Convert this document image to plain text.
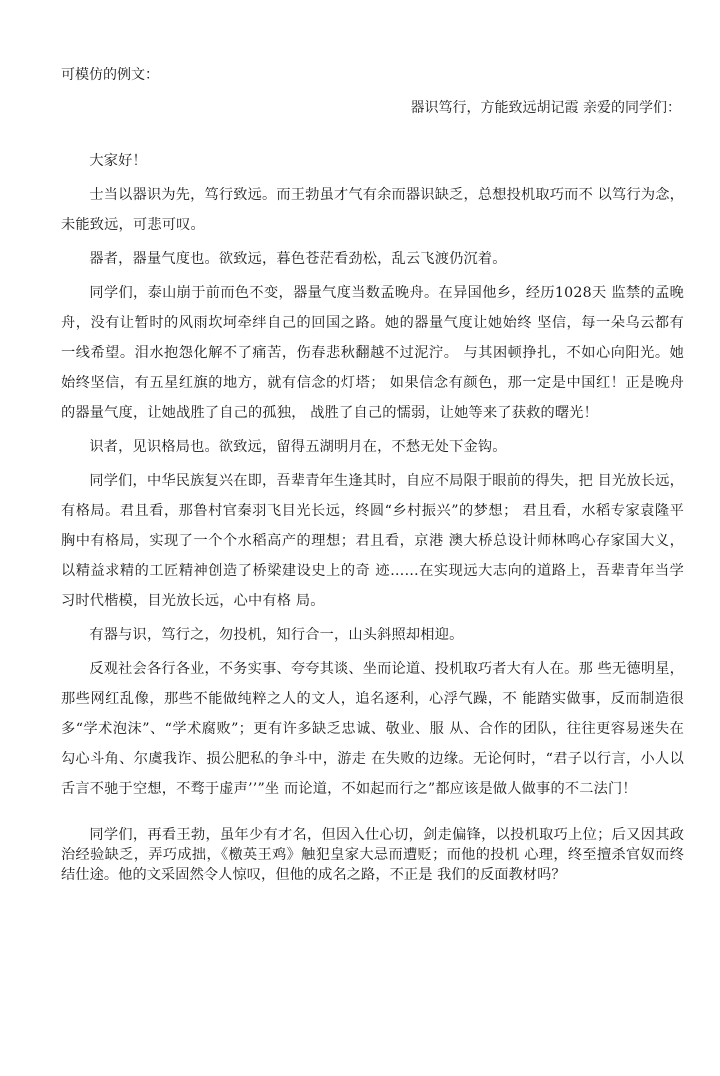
可模仿的例文：

器识笃行，方能致远胡记霞 亲爱的同学们：

大家好！

士当以器识为先，笃行致远。而王勃虽才气有余而器识缺乏，总想投机取巧而不 以笃行为念，未能致远，可悲可叹。

器者，器量气度也。欲致远，暮色苍茫看劲松，乱云飞渡仍沉着。

同学们，泰山崩于前而色不变，器量气度当数孟晚舟。在异国他乡，经历1028天 监禁的孟晚舟，没有让暂时的风雨坎坷牵绊自己的回国之路。她的器量气度让她始终 坚信，每一朵乌云都有一线希望。泪水抱怨化解不了痛苦，伤春悲秋翻越不过泥泞。 与其困顿挣扎，不如心向阳光。她始终坚信，有五星红旗的地方，就有信念的灯塔； 如果信念有颜色，那一定是中国红！正是晚舟的器量气度，让她战胜了自己的孤独， 战胜了自己的懦弱，让她等来了获救的曙光！

识者，见识格局也。欲致远，留得五湖明月在，不愁无处下金钩。

同学们，中华民族复兴在即，吾辈青年生逢其时，自应不局限于眼前的得失，把 目光放长远，有格局。君且看，那鲁村官秦羽飞目光长远，终圆“乡村振兴”的梦想； 君且看，水稻专家袁隆平胸中有格局，实现了一个个水稻高产的理想；君且看，京港 澳大桥总设计师林鸣心存家国大义，以精益求精的工匠精神创造了桥梁建设史上的奇 迹……在实现远大志向的道路上，吾辈青年当学习时代楷模，目光放长远，心中有格 局。

有器与识，笃行之，勿投机，知行合一，山头斜照却相迎。

反观社会各行各业，不务实事、夸夸其谈、坐而论道、投机取巧者大有人在。那 些无德明星，那些网红乱像，那些不能做纯粹之人的文人，追名逐利，心浮气躁，不 能踏实做事，反而制造很多“学术泡沫”、“学术腐败”；更有许多缺乏忠诚、敬业、服 从、合作的团队，往往更容易迷失在勾心斗角、尔虞我诈、损公肥私的争斗中，游走 在失败的边缘。无论何时，“君子以行言，小人以舌言不驰于空想，不骛于虚声’’”坐 而论道，不如起而行之”都应该是做人做事的不二法门！

同学们，再看王勃，虽年少有才名，但因入仕心切，剑走偏锋，以投机取巧上位；后又因其政治经验缺乏，弄巧成拙，《檄英王鸡》触犯皇家大忌而遭贬；而他的投机 心理，终至擅杀官奴而终结仕途。他的文采固然令人惊叹，但他的成名之路，不正是 我们的反面教材吗？
